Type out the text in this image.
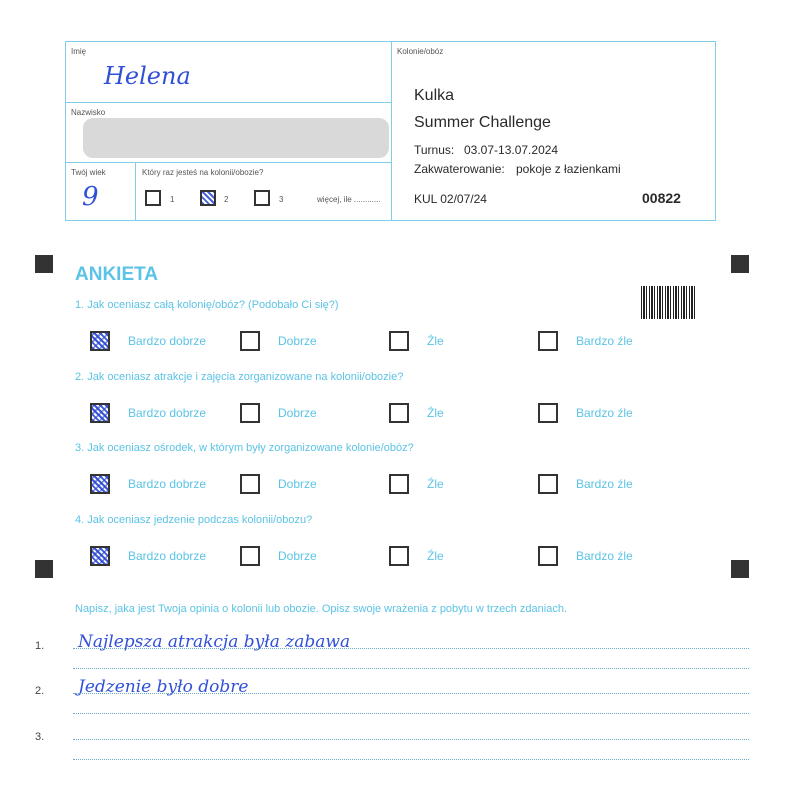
Imię
Helena
Nazwisko
Twój wiek
9
Który raz jesteś na kolonii/obozie?
1	2	3	więcej, ile ............
Kolonie/obóz
Kulka
Summer Challenge
Turnus: 03.07-13.07.2024
Zakwaterowanie: pokoje z łazienkami
KUL 02/07/24	00822
ANKIETA
1. Jak oceniasz całą kolonię/obóz? (Podobało Ci się?)
Bardzo dobrze	Dobrze	Źle	Bardzo źle
2. Jak oceniasz atrakcje i zajęcia zorganizowane na kolonii/obozie?
Bardzo dobrze	Dobrze	Źle	Bardzo źle
3. Jak oceniasz ośrodek, w którym były zorganizowane kolonie/obóz?
Bardzo dobrze	Dobrze	Źle	Bardzo źle
4. Jak oceniasz jedzenie podczas kolonii/obozu?
Bardzo dobrze	Dobrze	Źle	Bardzo źle
Napisz, jaka jest Twoja opinia o kolonii lub obozie. Opisz swoje wrażenia z pobytu w trzech zdaniach.
1. Najlepsza atrakcja była zabawa
2. Jedzenie było dobre
3.
